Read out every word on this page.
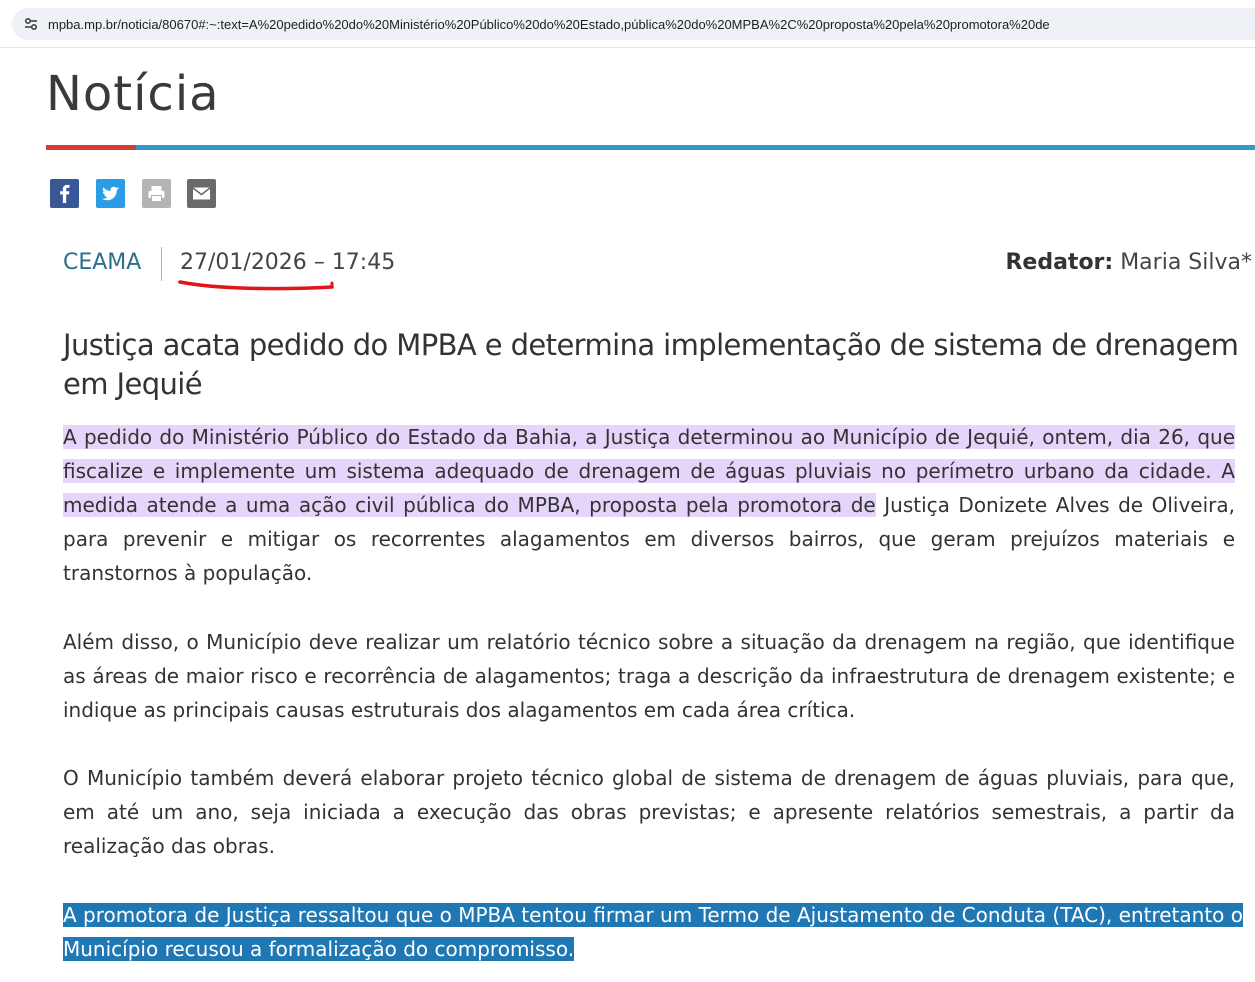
mpba.mp.br/noticia/80670#:~:text=A%20pedido%20do%20Ministério%20Público%20do%20Estado,pública%20do%20MPBA%2C%20proposta%20pela%20promotora%20de
Notícia
CEAMA 27/01/2026 – 17:45	Redator: Maria Silva*
Justiça acata pedido do MPBA e determina implementação de sistema de drenagem em Jequié

A pedido do Ministério Público do Estado da Bahia, a Justiça determinou ao Município de Jequié, ontem, dia 26, que fiscalize e implemente um sistema adequado de drenagem de águas pluviais no perímetro urbano da cidade. A medida atende a uma ação civil pública do MPBA, proposta pela promotora de Justiça Donizete Alves de Oliveira, para prevenir e mitigar os recorrentes alagamentos em diversos bairros, que geram prejuízos materiais e transtornos à população.

Além disso, o Município deve realizar um relatório técnico sobre a situação da drenagem na região, que identifique as áreas de maior risco e recorrência de alagamentos; traga a descrição da infraestrutura de drenagem existente; e indique as principais causas estruturais dos alagamentos em cada área crítica.

O Município também deverá elaborar projeto técnico global de sistema de drenagem de águas pluviais, para que, em até um ano, seja iniciada a execução das obras previstas; e apresente relatórios semestrais, a partir da realização das obras.

A promotora de Justiça ressaltou que o MPBA tentou firmar um Termo de Ajustamento de Conduta (TAC), entretanto o Município recusou a formalização do compromisso.
